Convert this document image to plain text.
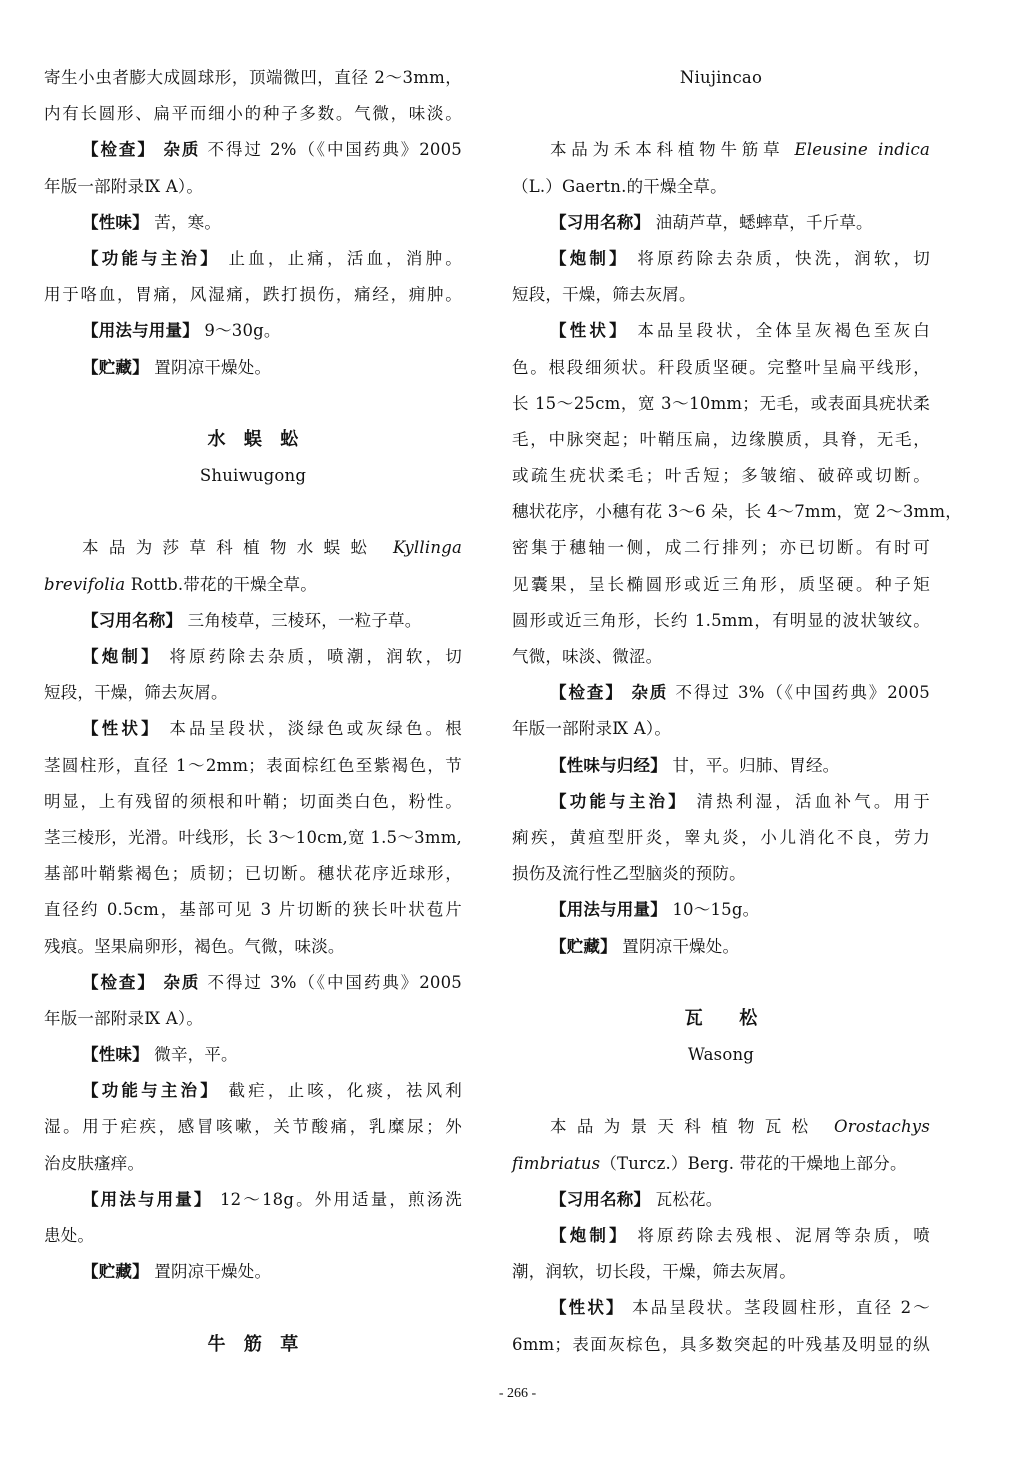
寄生小虫者膨大成圆球形，顶端微凹，直径 2～3mm，
内有长圆形、扁平而细小的种子多数。气微，味淡。
【检查】 杂质 不得过 2%（《中国药典》2005
年版一部附录Ⅸ A）。
【性味】 苦，寒。
【功能与主治】 止血，止痛，活血，消肿。
用于咯血，胃痛，风湿痛，跌打损伤，痛经，痈肿。
【用法与用量】 9～30g。
【贮藏】 置阴凉干燥处。
水　蜈　蚣
Shuiwugong
本品为莎草科植物水蜈蚣 Kyllinga
brevifolia Rottb.带花的干燥全草。
【习用名称】 三角棱草，三棱环，一粒子草。
【炮制】 将原药除去杂质，喷潮，润软，切
短段，干燥，筛去灰屑。
【性状】 本品呈段状，淡绿色或灰绿色。根
茎圆柱形，直径 1～2mm；表面棕红色至紫褐色，节
明显，上有残留的须根和叶鞘；切面类白色，粉性。
茎三棱形，光滑。叶线形，长 3～10cm,宽 1.5～3mm,
基部叶鞘紫褐色；质韧；已切断。穗状花序近球形，
直径约 0.5cm，基部可见 3 片切断的狭长叶状苞片
残痕。坚果扁卵形，褐色。气微，味淡。
【检查】 杂质 不得过 3%（《中国药典》2005
年版一部附录Ⅸ A）。
【性味】 微辛，平。
【功能与主治】 截疟，止咳，化痰，祛风利
湿。用于疟疾，感冒咳嗽，关节酸痛，乳糜尿；外
治皮肤瘙痒。
【用法与用量】 12～18g。外用适量，煎汤洗
患处。
【贮藏】 置阴凉干燥处。
牛　筋　草
Niujincao
本品为禾本科植物牛筋草 Eleusine indica
（L.）Gaertn.的干燥全草。
【习用名称】 油葫芦草，蟋蟀草，千斤草。
【炮制】 将原药除去杂质，快洗，润软，切
短段，干燥，筛去灰屑。
【性状】 本品呈段状，全体呈灰褐色至灰白
色。根段细须状。秆段质坚硬。完整叶呈扁平线形，
长 15～25cm，宽 3～10mm；无毛，或表面具疣状柔
毛，中脉突起；叶鞘压扁，边缘膜质，具脊，无毛，
或疏生疣状柔毛；叶舌短；多皱缩、破碎或切断。
穗状花序，小穗有花 3～6 朵，长 4～7mm，宽 2～3mm，
密集于穗轴一侧，成二行排列；亦已切断。有时可
见囊果，呈长椭圆形或近三角形，质坚硬。种子矩
圆形或近三角形，长约 1.5mm，有明显的波状皱纹。
气微，味淡、微涩。
【检查】 杂质 不得过 3%（《中国药典》2005
年版一部附录Ⅸ A）。
【性味与归经】 甘，平。归肺、胃经。
【功能与主治】 清热利湿，活血补气。用于
痢疾，黄疸型肝炎，睾丸炎，小儿消化不良，劳力
损伤及流行性乙型脑炎的预防。
【用法与用量】 10～15g。
【贮藏】 置阴凉干燥处。
瓦　　松
Wasong
本品为景天科植物瓦松 Orostachys
fimbriatus（Turcz.）Berg. 带花的干燥地上部分。
【习用名称】 瓦松花。
【炮制】 将原药除去残根、泥屑等杂质，喷
潮，润软，切长段，干燥，筛去灰屑。
【性状】 本品呈段状。茎段圆柱形，直径 2～
6mm；表面灰棕色，具多数突起的叶残基及明显的纵
- 266 -
